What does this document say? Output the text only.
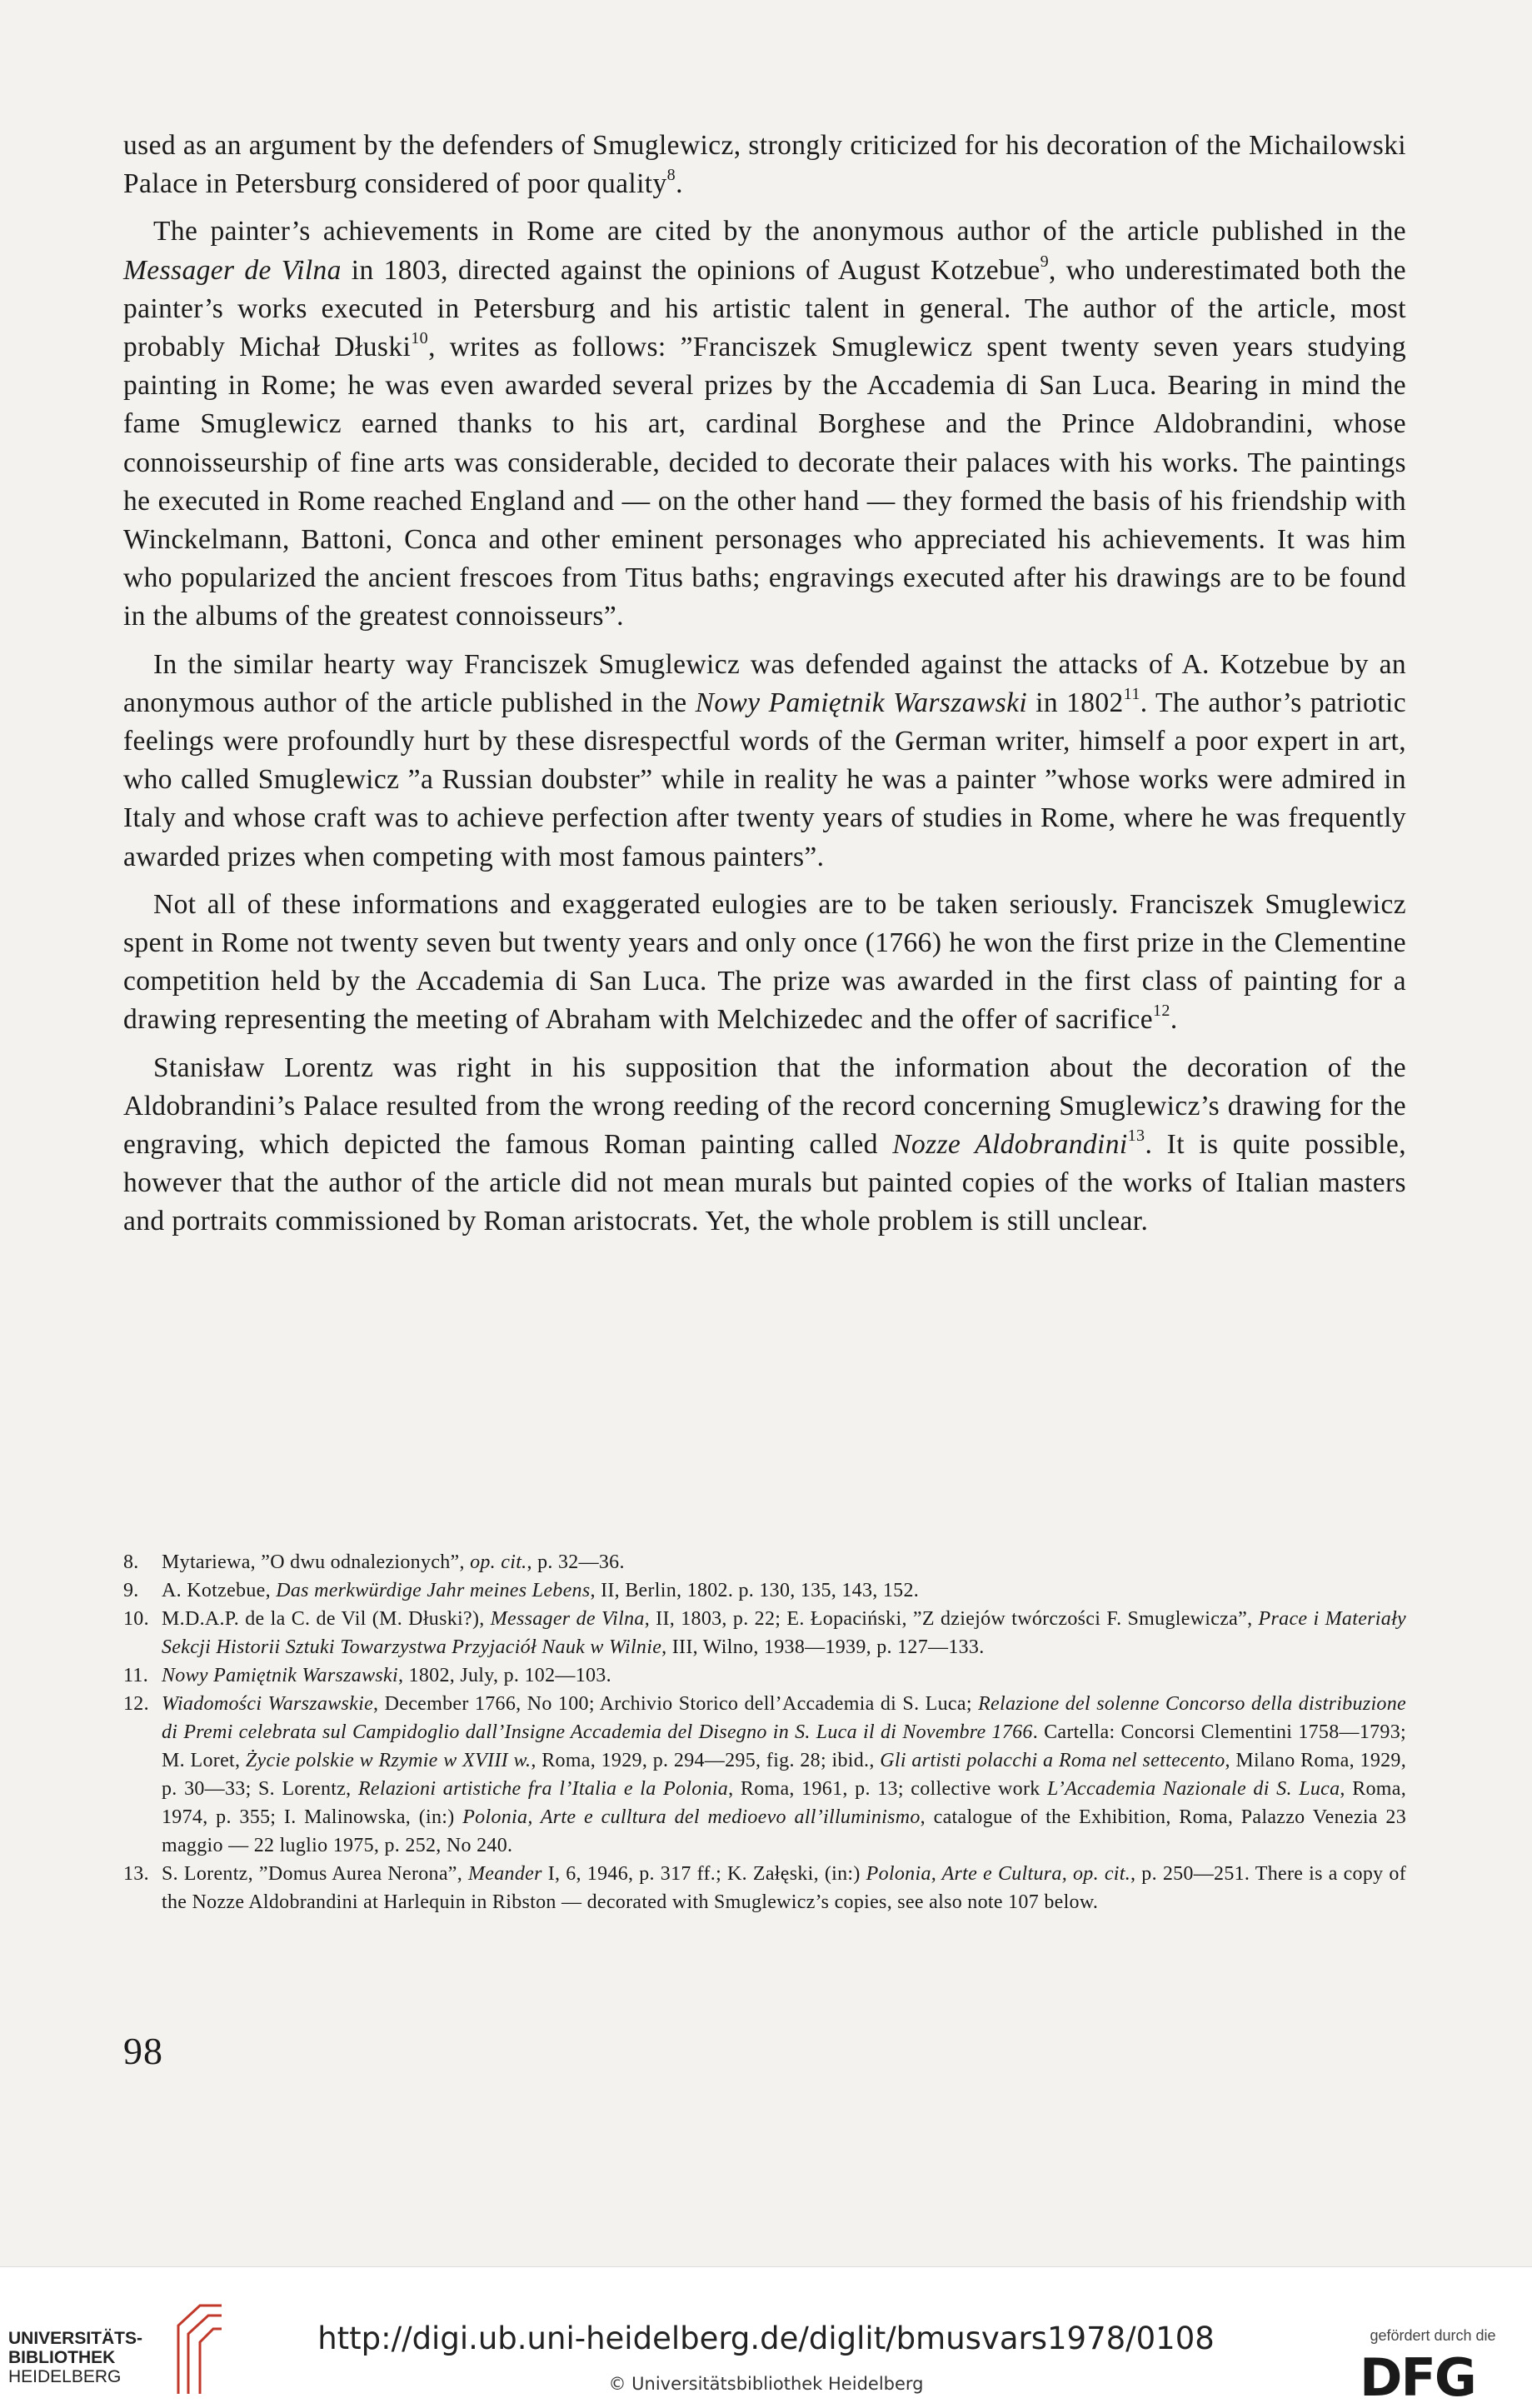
used as an argument by the defenders of Smuglewicz, strongly criticized for his decoration of the Michailowski Palace in Petersburg considered of poor quality$^8$.

The painter’s achievements in Rome are cited by the anonymous author of the article published in the Messager de Vilna in 1803, directed against the opinions of August Kotzebue$^9$, who underestimated both the painter’s works executed in Petersburg and his artistic talent in general. The author of the article, most probably Michał Dłuski$^{10}$, writes as follows: ”Franciszek Smuglewicz spent twenty seven years studying painting in Rome; he was even awarded several prizes by the Accademia di San Luca. Bearing in mind the fame Smuglewicz earned thanks to his art, cardinal Borghese and the Prince Aldobrandini, whose connoisseurship of fine arts was considerable, decided to decorate their palaces with his works. The paintings he executed in Rome reached England and — on the other hand — they formed the basis of his friendship with Winckelmann, Battoni, Conca and other eminent personages who appreciated his achievements. It was him who popularized the ancient frescoes from Titus baths; engravings executed after his drawings are to be found in the albums of the greatest connoisseurs”.

In the similar hearty way Franciszek Smuglewicz was defended against the attacks of A. Kotzebue by an anonymous author of the article published in the Nowy Pamiętnik Warszawski in 1802$^{11}$. The author’s patriotic feelings were profoundly hurt by these disrespectful words of the German writer, himself a poor expert in art, who called Smuglewicz ”a Russian doubster” while in reality he was a painter ”whose works were admired in Italy and whose craft was to achieve perfection after twenty years of studies in Rome, where he was frequently awarded prizes when competing with most famous painters”.

Not all of these informations and exaggerated eulogies are to be taken seriously. Franciszek Smuglewicz spent in Rome not twenty seven but twenty years and only once (1766) he won the first prize in the Clementine competition held by the Accademia di San Luca. The prize was awarded in the first class of painting for a drawing representing the meeting of Abraham with Melchizedec and the offer of sacrifice$^{12}$.

Stanisław Lorentz was right in his supposition that the information about the decoration of the Aldobrandini’s Palace resulted from the wrong reeding of the record concerning Smuglewicz’s drawing for the engraving, which depicted the famous Roman painting called Nozze Aldobrandini$^{13}$. It is quite possible, however that the author of the article did not mean murals but painted copies of the works of Italian masters and portraits commissioned by Roman aristocrats. Yet, the whole problem is still unclear.

8.	Mytariewa, ”O dwu odnalezionych”, op. cit., p. 32—36.
9.	A. Kotzebue, Das merkwürdige Jahr meines Lebens, II, Berlin, 1802. p. 130, 135, 143, 152.
10. M.D.A.P. de la C. de Vil (M. Dłuski?), Messager de Vilna, II, 1803, p. 22; E. Łopaciński, ”Z dziejów twórczości F. Smuglewicza”, Prace i Materiały Sekcji Historii Sztuki Towarzystwa Przyjaciół Nauk w Wilnie, III, Wilno, 1938—1939, p. 127—133.
11. Nowy Pamiętnik Warszawski, 1802, July, p. 102—103.
12. Wiadomości Warszawskie, December 1766, No 100; Archivio Storico dell’Accademia di S. Luca; Relazione del solenne Concorso della distribuzione di Premi celebrata sul Campidoglio dall’Insigne Accademia del Disegno in S. Luca il di Novembre 1766. Cartella: Concorsi Clementini 1758—1793; M. Loret, Życie polskie w Rzymie w XVIII w., Roma, 1929, p. 294—295, fig. 28; ibid., Gli artisti polacchi a Roma nel settecento, Milano Roma, 1929, p. 30—33; S. Lorentz, Relazioni artistiche fra l’Italia e la Polonia, Roma, 1961, p. 13; collective work L’Accademia Nazionale di S. Luca, Roma, 1974, p. 355; I. Malinowska, (in:) Polonia, Arte e culltura del medioevo all’illuminismo, catalogue of the Exhibition, Roma, Palazzo Venezia 23 maggio — 22 luglio 1975, p. 252, No 240.
13. S. Lorentz, ”Domus Aurea Nerona”, Meander I, 6, 1946, p. 317 ff.; K. Załęski, (in:) Polonia, Arte e Cultura, op. cit., p. 250—251. There is a copy of the Nozze Aldobrandini at Harlequin in Ribston — decorated with Smuglewicz’s copies, see also note 107 below.
98
UNIVERSITÄTS-
BIBLIOTHEK
HEIDELBERG
http://digi.ub.uni-heidelberg.de/diglit/bmusvars1978/0108
© Universitätsbibliothek Heidelberg
gefördert durch die
DFG
